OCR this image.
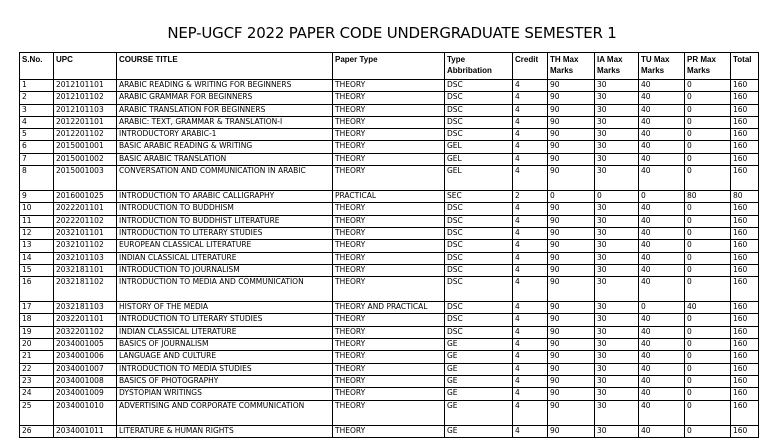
NEP-UGCF 2022 PAPER CODE UNDERGRADUATE SEMESTER 1
S.No.	UPC	COURSE TITLE	Paper Type	Type Abbribation	Credit	TH Max Marks	IA Max Marks	TU Max Marks	PR Max Marks	Total
1	2012101101	ARABIC READING & WRITING FOR BEGINNERS	THEORY	DSC	4	90	30	40	0	160
2	2012101102	ARABIC GRAMMAR FOR BEGINNERS	THEORY	DSC	4	90	30	40	0	160
3	2012101103	ARABIC TRANSLATION FOR BEGINNERS	THEORY	DSC	4	90	30	40	0	160
4	2012201101	ARABIC: TEXT, GRAMMAR & TRANSLATION-I	THEORY	DSC	4	90	30	40	0	160
5	2012201102	INTRODUCTORY ARABIC-1	THEORY	DSC	4	90	30	40	0	160
6	2015001001	BASIC ARABIC READING & WRITING	THEORY	GEL	4	90	30	40	0	160
7	2015001002	BASIC ARABIC TRANSLATION	THEORY	GEL	4	90	30	40	0	160
8	2015001003	CONVERSATION AND COMMUNICATION IN ARABIC	THEORY	GEL	4	90	30	40	0	160
9	2016001025	INTRODUCTION TO ARABIC CALLIGRAPHY	PRACTICAL	SEC	2	0	0	0	80	80
10	2022201101	INTRODUCTION TO BUDDHISM	THEORY	DSC	4	90	30	40	0	160
11	2022201102	INTRODUCTION TO BUDDHIST LITERATURE	THEORY	DSC	4	90	30	40	0	160
12	2032101101	INTRODUCTION TO LITERARY STUDIES	THEORY	DSC	4	90	30	40	0	160
13	2032101102	EUROPEAN CLASSICAL LITERATURE	THEORY	DSC	4	90	30	40	0	160
14	2032101103	INDIAN CLASSICAL LITERATURE	THEORY	DSC	4	90	30	40	0	160
15	2032181101	INTRODUCTION TO JOURNALISM	THEORY	DSC	4	90	30	40	0	160
16	2032181102	INTRODUCTION TO MEDIA AND COMMUNICATION	THEORY	DSC	4	90	30	40	0	160
17	2032181103	HISTORY OF THE MEDIA	THEORY AND PRACTICAL	DSC	4	90	30	0	40	160
18	2032201101	INTRODUCTION TO LITERARY STUDIES	THEORY	DSC	4	90	30	40	0	160
19	2032201102	INDIAN CLASSICAL LITERATURE	THEORY	DSC	4	90	30	40	0	160
20	2034001005	BASICS OF JOURNALISM	THEORY	GE	4	90	30	40	0	160
21	2034001006	LANGUAGE AND CULTURE	THEORY	GE	4	90	30	40	0	160
22	2034001007	INTRODUCTION TO MEDIA STUDIES	THEORY	GE	4	90	30	40	0	160
23	2034001008	BASICS OF PHOTOGRAPHY	THEORY	GE	4	90	30	40	0	160
24	2034001009	DYSTOPIAN WRITINGS	THEORY	GE	4	90	30	40	0	160
25	2034001010	ADVERTISING AND CORPORATE COMMUNICATION	THEORY	GE	4	90	30	40	0	160
26	2034001011	LITERATURE & HUMAN RIGHTS	THEORY	GE	4	90	30	40	0	160
